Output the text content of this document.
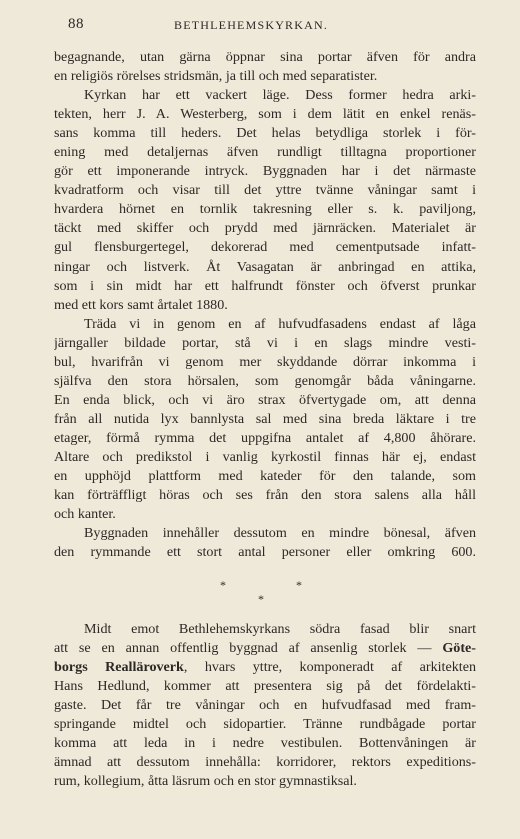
88	BETHLEHEMSKYRKAN.
begagnande, utan gärna öppnar sina portar äfven för andra
en religiös rörelses stridsmän, ja till och med separatister.
Kyrkan har ett vackert läge. Dess former hedra arki-
tekten, herr J. A. Westerberg, som i dem lätit en enkel renäs-
sans komma till heders. Det helas betydliga storlek i för-
ening med detaljernas äfven rundligt tilltagna proportioner
gör ett imponerande intryck. Byggnaden har i det närmaste
kvadratform och visar till det yttre tvänne våningar samt i
hvardera hörnet en tornlik takresning eller s. k. paviljong,
täckt med skiffer och prydd med järnräcken. Materialet är
gul flensburgertegel, dekorerad med cementputsade infatt-
ningar och listverk. Åt Vasagatan är anbringad en attika,
som i sin midt har ett halfrundt fönster och öfverst prunkar
med ett kors samt årtalet 1880.
Träda vi in genom en af hufvudfasadens endast af låga
järngaller bildade portar, stå vi i en slags mindre vesti-
bul, hvarifrån vi genom mer skyddande dörrar inkomma i
själfva den stora hörsalen, som genomgår båda våningarne.
En enda blick, och vi äro strax öfvertygade om, att denna
från all nutida lyx bannlysta sal med sina breda läktare i tre
etager, förmå rymma det uppgifna antalet af 4,800 åhörare.
Altare och predikstol i vanlig kyrkostil finnas här ej, endast
en upphöjd plattform med kateder för den talande, som
kan förträffligt höras och ses från den stora salens alla håll
och kanter.
Byggnaden innehåller dessutom en mindre bönesal, äfven
den rymmande ett stort antal personer eller omkring 600.
*	*
*
Midt emot Bethlehemskyrkans södra fasad blir snart
att se en annan offentlig byggnad af ansenlig storlek — Göte-
borgs Realläroverk, hvars yttre, komponeradt af arkitekten
Hans Hedlund, kommer att presentera sig på det fördelakti-
gaste. Det får tre våningar och en hufvudfasad med fram-
springande midtel och sidopartier. Tränne rundbågade portar
komma att leda in i nedre vestibulen. Bottenvåningen är
ämnad att dessutom innehålla: korridorer, rektors expeditions-
rum, kollegium, åtta läsrum och en stor gymnastiksal.
